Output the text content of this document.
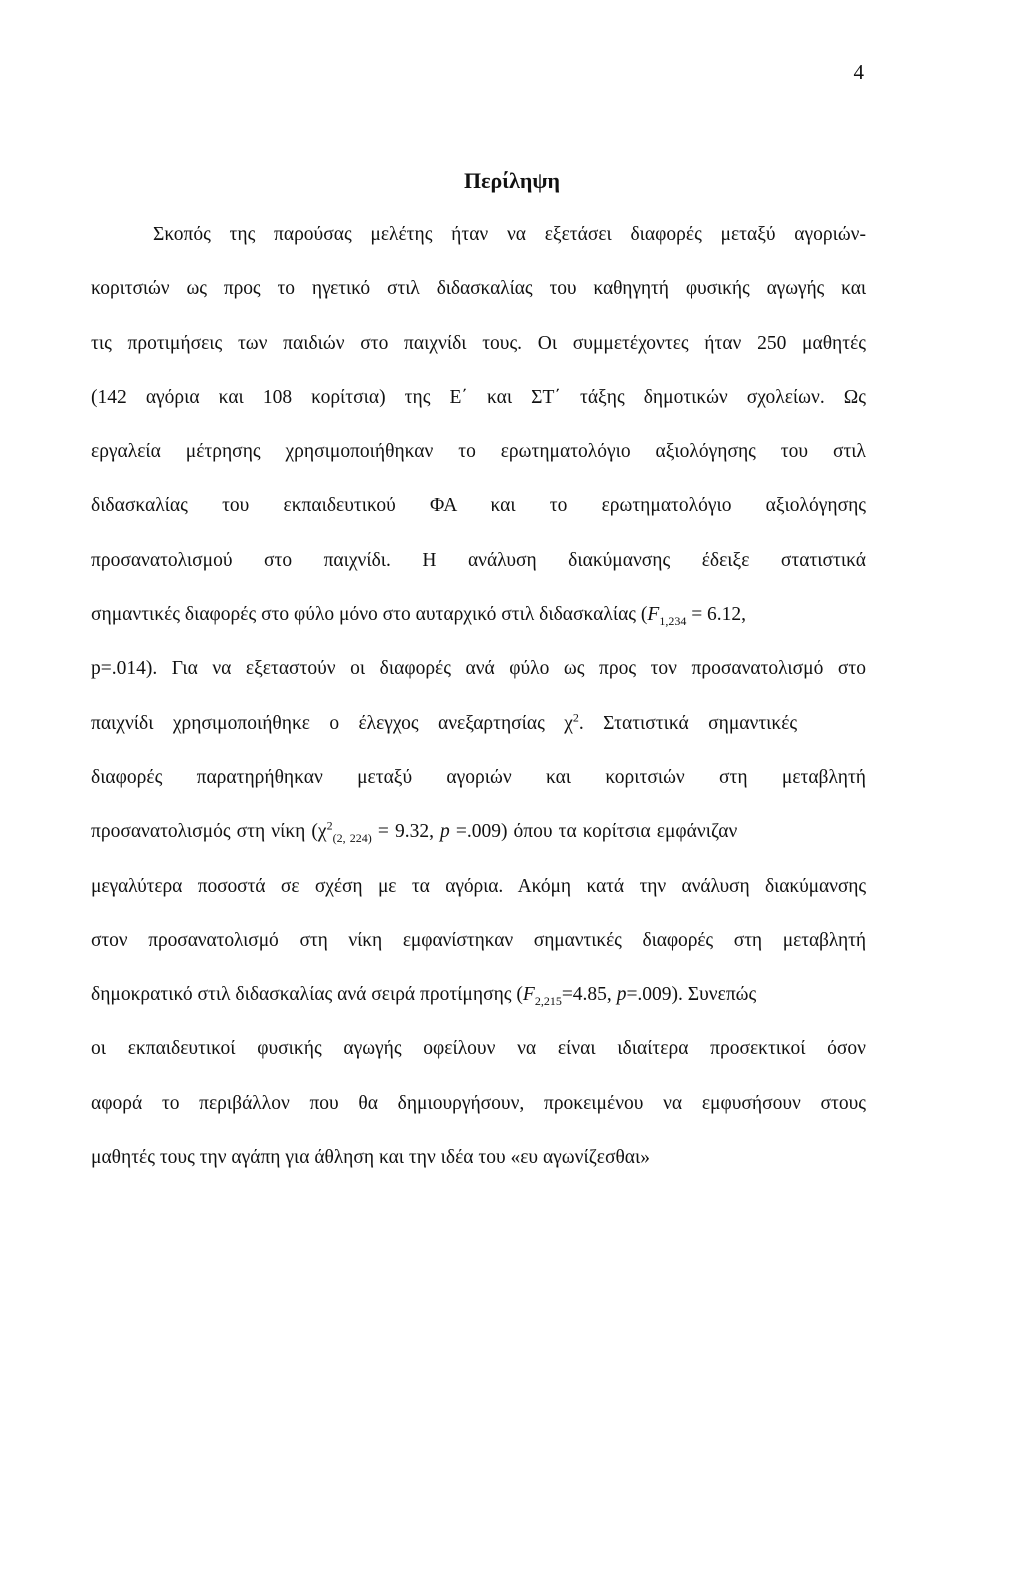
4
Περίληψη
Σκοπός της παρούσας μελέτης ήταν να εξετάσει διαφορές μεταξύ αγοριών-
κοριτσιών ως προς το ηγετικό στιλ διδασκαλίας του καθηγητή φυσικής αγωγής και
τις προτιμήσεις των παιδιών στο παιχνίδι τους. Οι συμμετέχοντες ήταν 250 μαθητές
(142 αγόρια και 108 κορίτσια) της Ε΄ και ΣΤ΄ τάξης δημοτικών σχολείων. Ως
εργαλεία μέτρησης χρησιμοποιήθηκαν το ερωτηματολόγιο αξιολόγησης του στιλ
διδασκαλίας του εκπαιδευτικού ΦΑ και το ερωτηματολόγιο αξιολόγησης
προσανατολισμού στο παιχνίδι. Η ανάλυση διακύμανσης έδειξε στατιστικά
σημαντικές διαφορές στο φύλο μόνο στο αυταρχικό στιλ διδασκαλίας ($F_{1,234} = 6.12$,
p=.014). Για να εξεταστούν οι διαφορές ανά φύλο ως προς τον προσανατολισμό στο
παιχνίδι χρησιμοποιήθηκε ο έλεγχος ανεξαρτησίας $\chi^2$. Στατιστικά σημαντικές
διαφορές παρατηρήθηκαν μεταξύ αγοριών και κοριτσιών στη μεταβλητή
προσανατολισμός στη νίκη ($\chi^2_{(2, 224)} = 9.32$, p =.009) όπου τα κορίτσια εμφάνιζαν
μεγαλύτερα ποσοστά σε σχέση με τα αγόρια. Ακόμη κατά την ανάλυση διακύμανσης
στον προσανατολισμό στη νίκη εμφανίστηκαν σημαντικές διαφορές στη μεταβλητή
δημοκρατικό στιλ διδασκαλίας ανά σειρά προτίμησης ($F_{2,215}=4.85$, p=.009). Συνεπώς
οι εκπαιδευτικοί φυσικής αγωγής οφείλουν να είναι ιδιαίτερα προσεκτικοί όσον
αφορά το περιβάλλον που θα δημιουργήσουν, προκειμένου να εμφυσήσουν στους
μαθητές τους την αγάπη για άθληση και την ιδέα του «ευ αγωνίζεσθαι»
